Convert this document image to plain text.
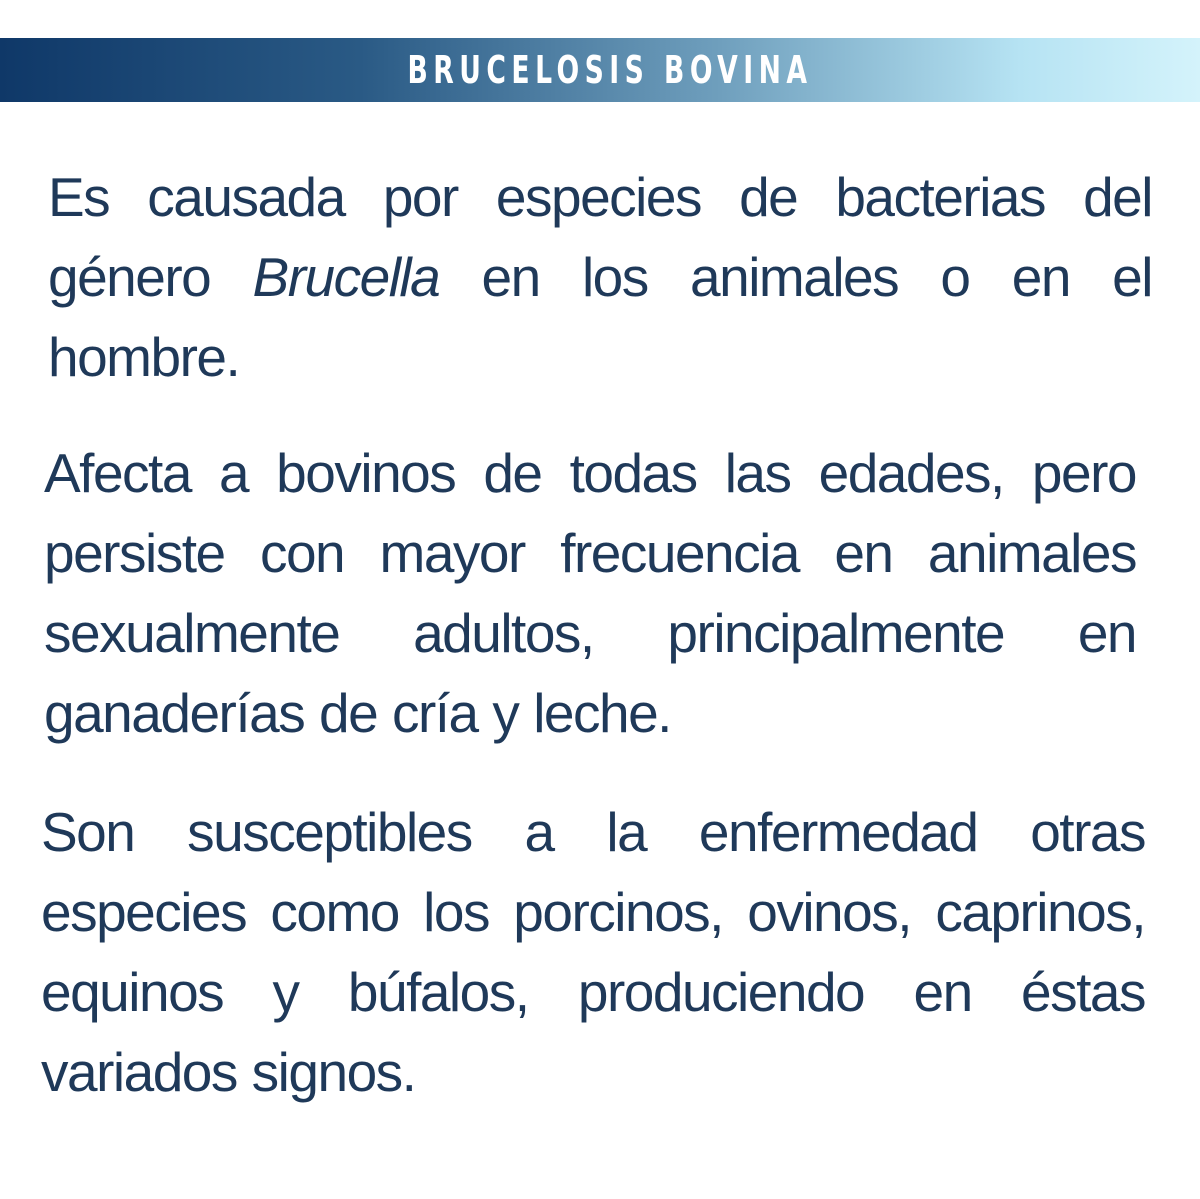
BRUCELOSIS BOVINA

Es causada por especies de bacterias del género Brucella en los animales o en el hombre.

Afecta a bovinos de todas las edades, pero persiste con mayor frecuencia en animales sexualmente adultos, principalmente en ganaderías de cría y leche.

Son susceptibles a la enfermedad otras especies como los porcinos, ovinos, caprinos, equinos y búfalos, produciendo en éstas variados signos.
